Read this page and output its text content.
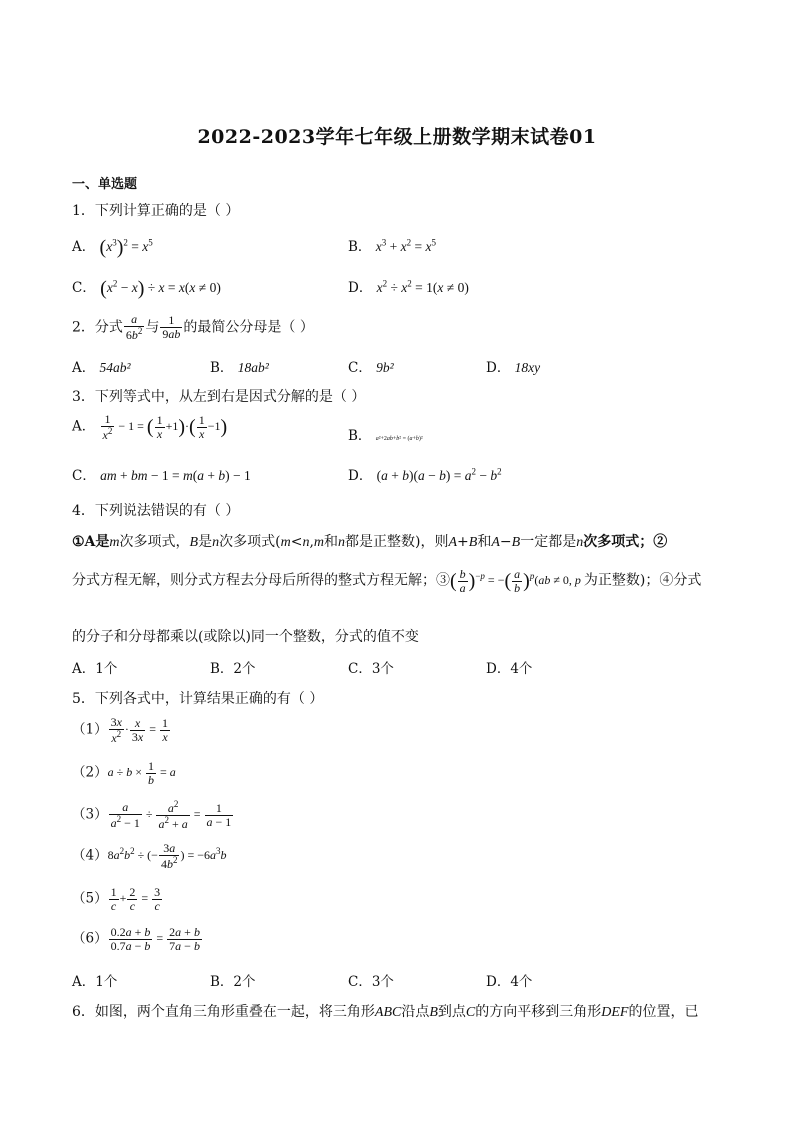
2022-2023学年七年级上册数学期末试卷01
一、单选题
1．下列计算正确的是（ ）
A． $(x^3)^2 = x^5$	B． $x^3 + x^2 = x^5$
C． $(x^2 - x) \div x = x(x \ne 0)$	D． $x^2 \div x^2 = 1(x \ne 0)$
2．分式 $\frac{a}{6b^2}$ 与 $\frac{1}{9ab}$ 的最简公分母是（ ）
A． 54ab²	B． 18ab²	C． 9b²	D． 18xy
3．下列等式中，从左到右是因式分解的是（ ）
A． $\frac{1}{x^2} - 1$ = ( $\frac{1}{x} +1)\cdot( \frac{1}{x} -1)$	B． a²+2ab+b² = (a+b)²
C． am + bm − 1 = m(a + b) − 1	D． $(a + b)(a - b) = a^2 - b^2$
4．下列说法错误的有（ ）
①A是m次多项式，B是n次多项式(m<n,m和n都是正整数)，则A+B和A−B一定都是n次多项式；②
分式方程无解，则分式方程去分母后所得的整式方程无解；③( $\frac{b}{a} )^{-p}$ = −( $\frac{a}{b} )^p(ab \ne 0$, p 为正整数)；④分式
的分子和分母都乘以(或除以)同一个整数，分式的值不变
A．1个	B．2个	C．3个	D．4个
5．下列各式中，计算结果正确的有（ ）
$(1) \frac{3x}{x^2} \cdot \frac{x}{3x} = \frac{1}{x}$
$(2)a \div b \times \frac{1}{b} = a$
$(3) \frac{a}{a^2 - 1} \div \frac{a^2}{a^2 + a} = \frac{1}{a - 1}$
$(4)8a^2b^2$ ÷ (− $\frac{3a}{4b^2}$ ) = $-6a^3b$
$(5) \frac{1}{c} + \frac{2}{c} = \frac{3}{c}$
$(6) \frac{0.2a + b}{0.7a - b} = \frac{2a + b}{7a - b}$
A．1个	B．2个	C．3个	D．4个
6．如图，两个直角三角形重叠在一起，将三角形ABC沿点B到点C的方向平移到三角形DEF的位置，已
